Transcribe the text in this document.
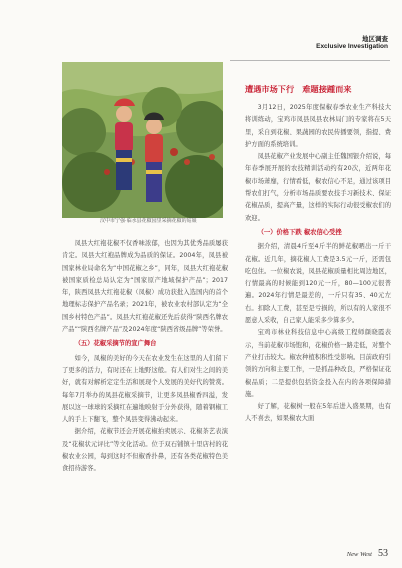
地区调查
Exclusive Investigation
汉中市宁强·临水县花椒园里采摘花椒的姑娘

凤县大红袍花椒不仅香味浓郁，也因为其优秀品质屡获肯定。凤县大红袍品牌成为品质的保证。2004年，凤县被国家林业局命名为“中国花椒之乡”，同年，凤县大红袍花椒被国家质检总局认定为“国家原产地域保护产品”；2017年，陕西凤县大红袍花椒（凤椒）成功获批入选国内的首个地理标志保护产品名录；2021年，被农业农村部认定为“全国乡村特色产品”。凤县大红袍花椒还先后获得“陕西名牌农产品”“陕西名牌产品”及2024年度“陕西省级品牌”等荣誉。

（五）花椒采摘节的宣广舞台

如今，凤椒的美好的今天在农业发生在这里的人们留下了更多的活力，有时还在上地野这般。有人们对生之间的美好，就有对解析定定生活和展现个人发展的美好代的赞赏。每年7月举办的凤县花椒采摘节，让更多凤县椒香四溢，发展以这一球球的采摘红在遍地映射于分外获得，随着钢椒工人的手上下翻飞，整个凤县变得沸动起来。

据介绍，花椒节还会开展花椒拍卖展示、花椒茶艺表演及“花椒状元评比”等文化活动。位于双石铺镇十里店村的花椒农业公园，每到这时不但椒香扑鼻，还有各类花椒特色美食招待游客。

遭遇市场下行　难题接踵而来

3月12日，2025年度保椒春季农业生产科技大将训练动，宝鸡市凤县凤县农林局门的专家将在5天里，采自到花椒、果蔬园的农民传播要领，指提、费护方面的系统培训。

凤县花椒产业发展中心副主任魏国银介绍说，每年春季展开展的农技精训活动约有20次，近两年花椒市场萧靡，行情看低，椒农信心不足，通过该项目帮农们打气，分析市场品质要农技手习新技术、保证花椒品质，提高产量，这样的实际行动很受椒农们的欢迎。

（一）价格下跌 椒农信心受挫

据介绍，清晨4斤至4斤半的鲜花椒晒出一斤干花椒。近几年，摘花椒人工费是3.5元一斤，还需包吃包住。一位椒农说，凤县花椒质量相比周边地区，行情最高的时候能到120元一斤，80—100元很普遍。2024年行情是最差的，一斤只有35、40元左右。扣除人工费，甚至是亏损的，所以有的人家很不愿意人采收，自己家人能采多少算多少。

宝鸡市林业科技信息中心高级工程师颜晓霞表示，当前花椒市场饱和，花椒价格一路走低，对整个产业打击较大。椒农种植积积性受影响。目前政府引领的方向和主要工作，一是抓品种改良，严格保证花椒品质；二是提供包括资金投入在内的各项保障措施。

好了解，花椒树一般在5年后进入盛果期，也有人不喜去，如果椒农大面

New West 53
